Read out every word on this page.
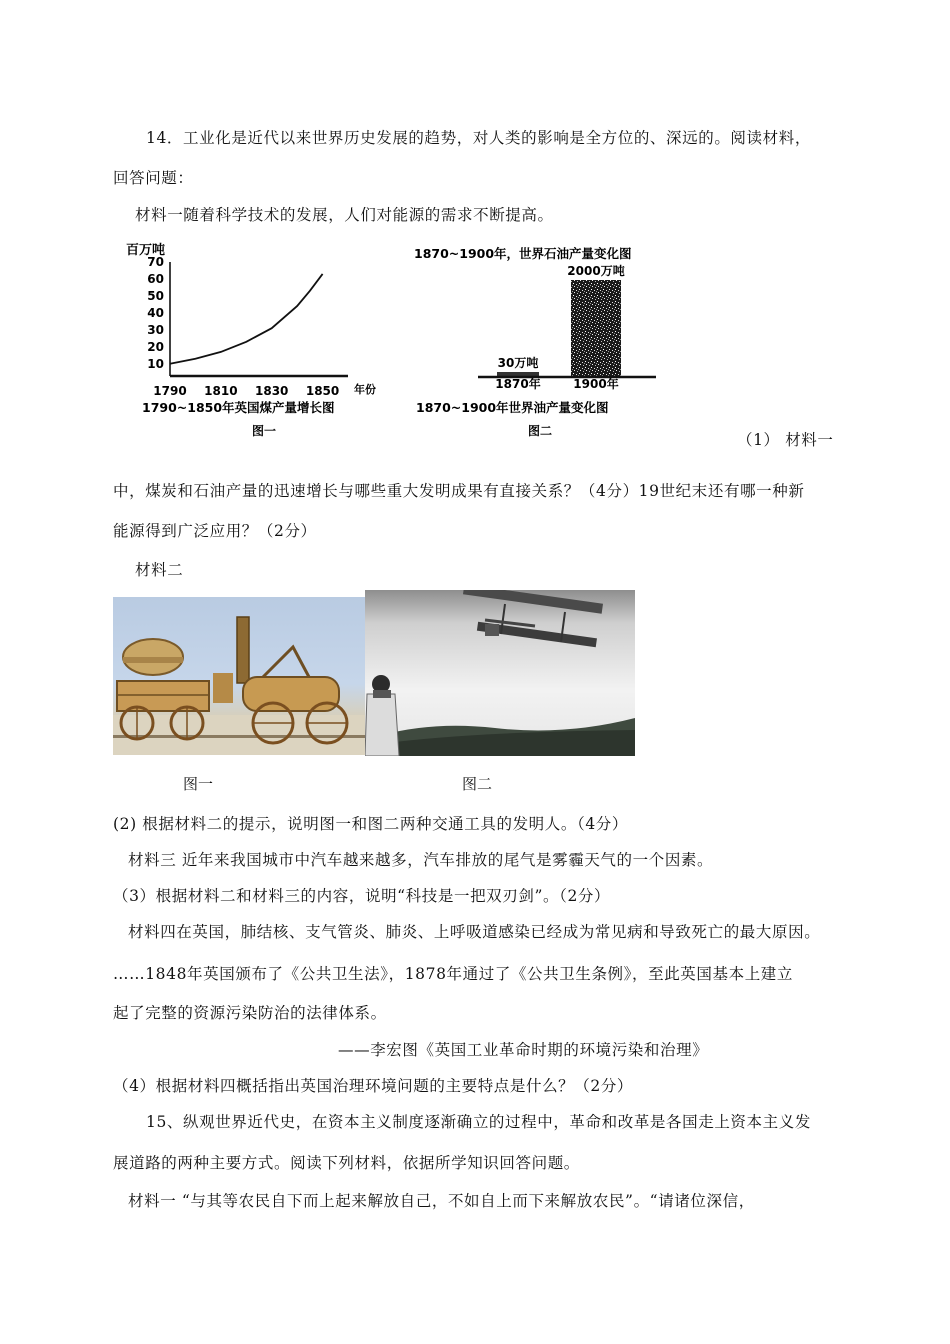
14．工业化是近代以来世界历史发展的趋势，对人类的影响是全方位的、深远的。阅读材料，
回答问题：
材料一随着科学技术的发展，人们对能源的需求不断提高。
百万吨
10
20
30
40
50
60
70
1790 1810 1830 1850 年份
1790~1850年英国煤产量增长图
图一
1870~1900年，世界石油产量变化图
30万吨
1870年
2000万吨
1900年
1870~1900年世界油产量变化图
图二	（1） 材料一
中，煤炭和石油产量的迅速增长与哪些重大发明成果有直接关系？（4分）19世纪末还有哪一种新
能源得到广泛应用？（2分）
材料二
图一	图二
(2) 根据材料二的提示，说明图一和图二两种交通工具的发明人。（4分）
材料三 近年来我国城市中汽车越来越多，汽车排放的尾气是雾霾天气的一个因素。
（3）根据材料二和材料三的内容，说明“科技是一把双刃剑”。（2分）
材料四在英国，肺结核、支气管炎、肺炎、上呼吸道感染已经成为常见病和导致死亡的最大原因。
……1848年英国颁布了《公共卫生法》，1878年通过了《公共卫生条例》，至此英国基本上建立
起了完整的资源污染防治的法律体系。
——李宏图《英国工业革命时期的环境污染和治理》
（4）根据材料四概括指出英国治理环境问题的主要特点是什么？（2分）
15、纵观世界近代史，在资本主义制度逐渐确立的过程中，革命和改革是各国走上资本主义发
展道路的两种主要方式。阅读下列材料，依据所学知识回答问题。
材料一 “与其等农民自下而上起来解放自己，不如自上而下来解放农民”。“请诸位深信，
